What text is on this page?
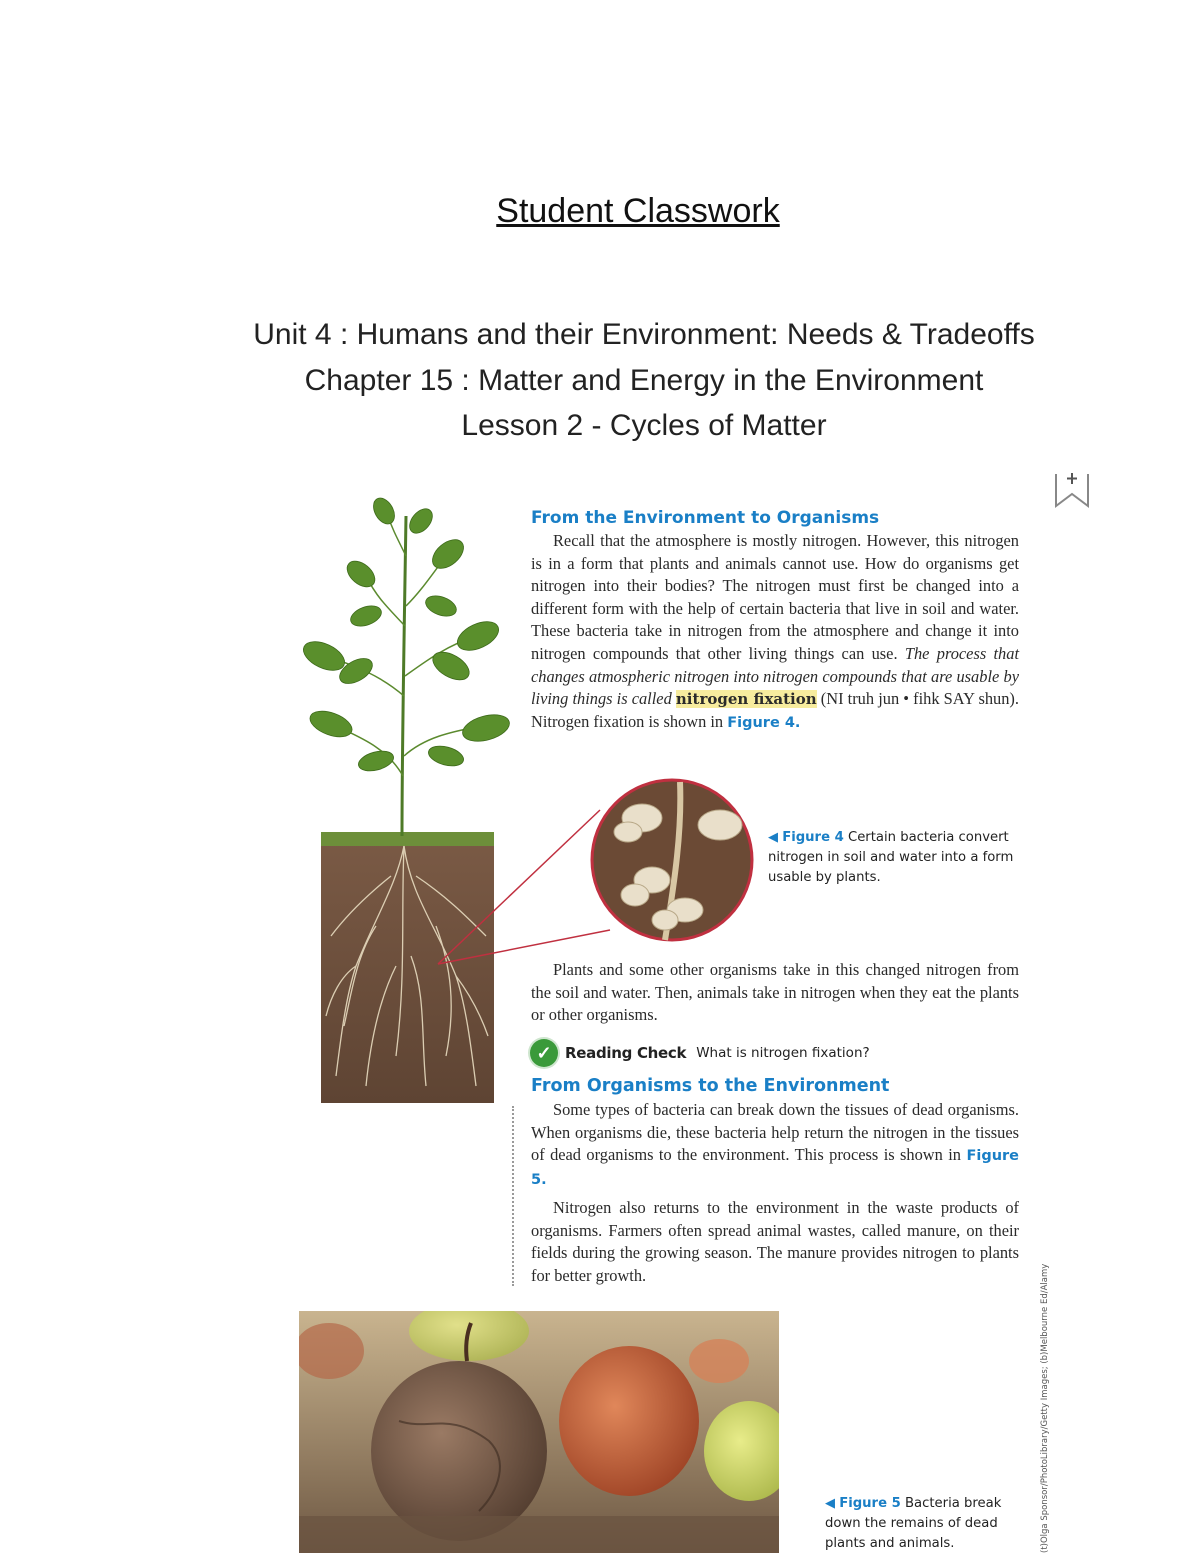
Student Classwork
Unit 4 : Humans and their Environment: Needs & Tradeoffs
Chapter 15 : Matter and Energy in the Environment
Lesson 2 - Cycles of Matter
From the Environment to Organisms

Recall that the atmosphere is mostly nitrogen. However, this nitrogen is in a form that plants and animals cannot use. How do organisms get nitrogen into their bodies? The nitrogen must first be changed into a different form with the help of certain bacteria that live in soil and water. These bacteria take in nitrogen from the atmosphere and change it into nitrogen compounds that other living things can use. The process that changes atmospheric nitrogen into nitrogen compounds that are usable by living things is called nitrogen fixation (NI truh jun • fihk SAY shun). Nitrogen fixation is shown in Figure 4.

◀ Figure 4 Certain bacteria convert nitrogen in soil and water into a form usable by plants.

Plants and some other organisms take in this changed nitrogen from the soil and water. Then, animals take in nitrogen when they eat the plants or other organisms.

✓ Reading Check What is nitrogen fixation?
From Organisms to the Environment

Some types of bacteria can break down the tissues of dead organisms. When organisms die, these bacteria help return the nitrogen in the tissues of dead organisms to the environment. This process is shown in Figure 5.

Nitrogen also returns to the environment in the waste products of organisms. Farmers often spread animal wastes, called manure, on their fields during the growing season. The manure provides nitrogen to plants for better growth.

◀ Figure 5 Bacteria break down the remains of dead plants and animals.	(t)Olga Sponsor/PhotoLibrary/Getty Images; (b)Melbourne Ed/Alamy
